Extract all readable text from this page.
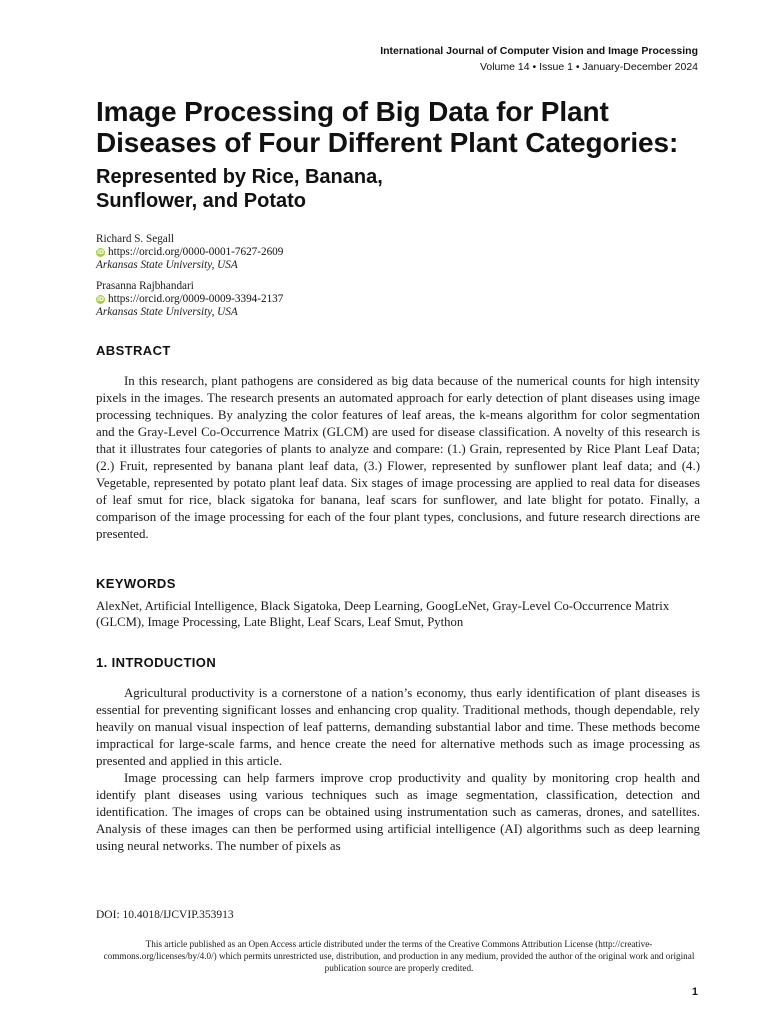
International Journal of Computer Vision and Image Processing
Volume 14 • Issue 1 • January-December 2024
Image Processing of Big Data for Plant Diseases of Four Different Plant Categories:
Represented by Rice, Banana,
Sunflower, and Potato
Richard S. Segall
iD https://orcid.org/0000-0001-7627-2609
Arkansas State University, USA
Prasanna Rajbhandari
iD https://orcid.org/0009-0009-3394-2137
Arkansas State University, USA
ABSTRACT

In this research, plant pathogens are considered as big data because of the numerical counts for high intensity pixels in the images. The research presents an automated approach for early detection of plant diseases using image processing techniques. By analyzing the color features of leaf areas, the k-means algorithm for color segmentation and the Gray-Level Co-Occurrence Matrix (GLCM) are used for disease classification. A novelty of this research is that it illustrates four categories of plants to analyze and compare: (1.) Grain, represented by Rice Plant Leaf Data; (2.) Fruit, represented by banana plant leaf data, (3.) Flower, represented by sunflower plant leaf data; and (4.) Vegetable, represented by potato plant leaf data. Six stages of image processing are applied to real data for diseases of leaf smut for rice, black sigatoka for banana, leaf scars for sunflower, and late blight for potato. Finally, a comparison of the image processing for each of the four plant types, conclusions, and future research directions are presented.

KEYWORDS

AlexNet, Artificial Intelligence, Black Sigatoka, Deep Learning, GoogLeNet, Gray-Level Co-Occurrence Matrix (GLCM), Image Processing, Late Blight, Leaf Scars, Leaf Smut, Python

1. INTRODUCTION

Agricultural productivity is a cornerstone of a nation’s economy, thus early identification of plant diseases is essential for preventing significant losses and enhancing crop quality. Traditional methods, though dependable, rely heavily on manual visual inspection of leaf patterns, demanding substantial labor and time. These methods become impractical for large-scale farms, and hence create the need for alternative methods such as image processing as presented and applied in this article.

Image processing can help farmers improve crop productivity and quality by monitoring crop health and identify plant diseases using various techniques such as image segmentation, classification, detection and identification. The images of crops can be obtained using instrumentation such as cameras, drones, and satellites. Analysis of these images can then be performed using artificial intelligence (AI) algorithms such as deep learning using neural networks. The number of pixels as

DOI: 10.4018/IJCVIP.353913
This article published as an Open Access article distributed under the terms of the Creative Commons Attribution License (http://creative-commons.org/licenses/by/4.0/) which permits unrestricted use, distribution, and production in any medium, provided the author of the original work and original publication source are properly credited.
1
